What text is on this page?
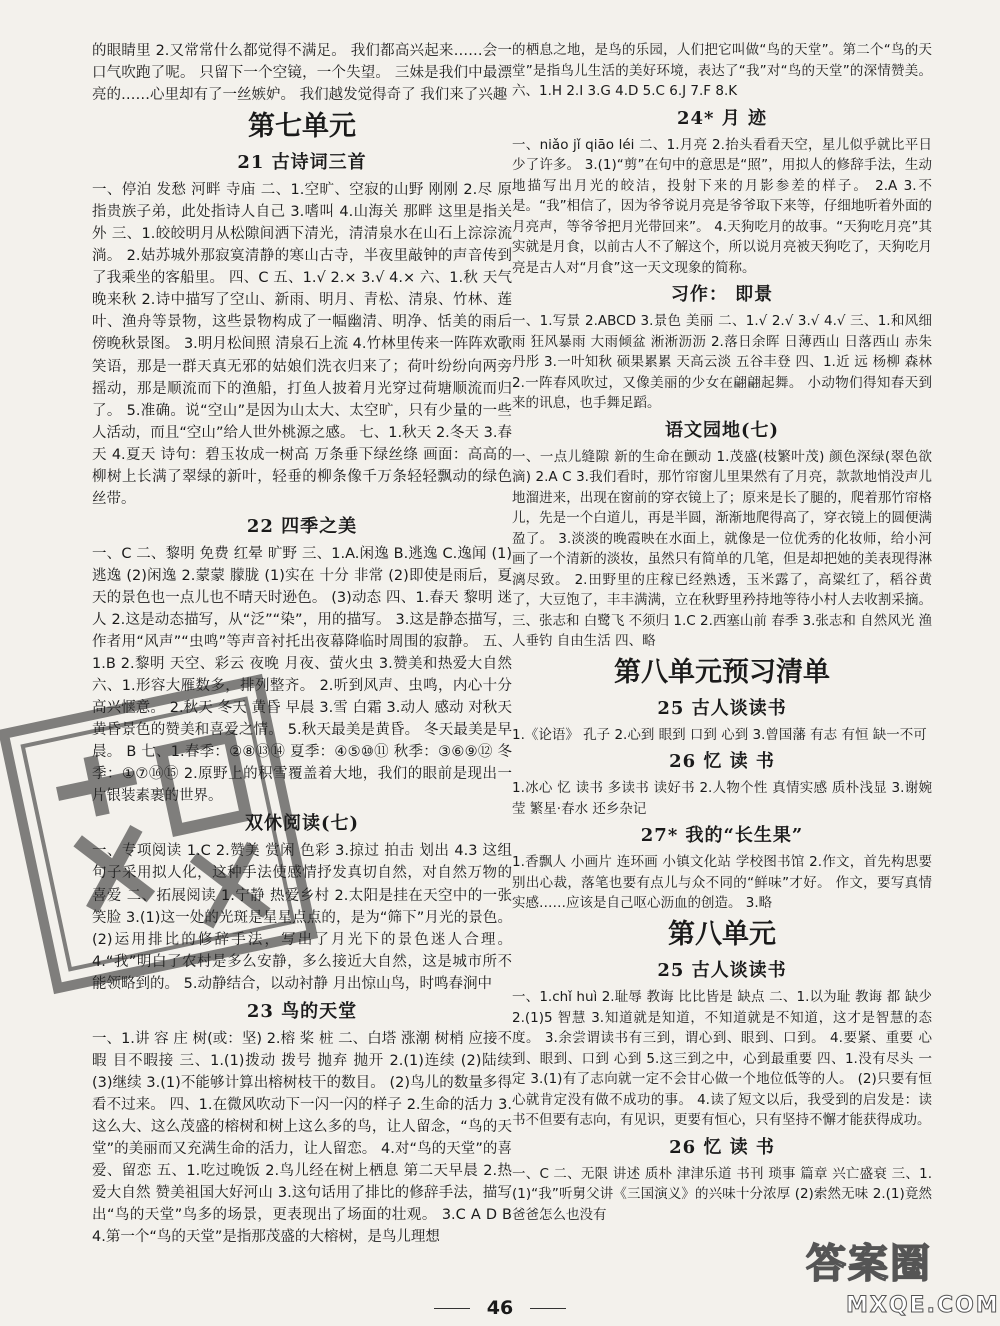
的眼睛里 2.又常常什么都觉得不满足。 我们都高兴起来……会一口气吹跑了呢。 只留下一个空镜，一个失望。 三妹是我们中最漂亮的……心里却有了一丝嫉妒。 我们越发觉得奇了 我们来了兴趣

第七单元
21 古诗词三首

一、停泊 发愁 河畔 寺庙 二、1.空旷、空寂的山野 刚刚 2.尽 原指贵族子弟，此处指诗人自己 3.嗜叫 4.山海关 那畔 这里是指关外 三、1.皎皎明月从松隙间洒下清光，清清泉水在山石上淙淙流淌。 2.姑苏城外那寂寞清静的寒山古寺，半夜里敲钟的声音传到了我乘坐的客船里。 四、C 五、1.√ 2.× 3.√ 4.× 六、1.秋 天气晚来秋 2.诗中描写了空山、新雨、明月、青松、清泉、竹林、莲叶、渔舟等景物，这些景物构成了一幅幽清、明净、恬美的雨后傍晚秋景图。 3.明月松间照 清泉石上流 4.竹林里传来一阵阵欢歌笑语，那是一群天真无邪的姑娘们洗衣归来了；荷叶纷纷向两旁摇动，那是顺流而下的渔船，打鱼人披着月光穿过荷塘顺流而归了。 5.准确。说“空山”是因为山太大、太空旷，只有少量的一些人活动，而且“空山”给人世外桃源之感。 七、1.秋天 2.冬天 3.春天 4.夏天 诗句：碧玉妆成一树高 万条垂下绿丝绦 画面：高高的柳树上长满了翠绿的新叶，轻垂的柳条像千万条轻轻飘动的绿色丝带。

22 四季之美

一、C 二、黎明 免费 红晕 旷野 三、1.A.闲逸 B.逃逸 C.逸闻 (1)逃逸 (2)闲逸 2.蒙蒙 朦胧 (1)实在 十分 非常 (2)即使是雨后，夏天的景色也一点儿也不晴天时逊色。 (3)动态 四、1.春天 黎明 迷人 2.这是动态描写，从“泛”“染”，用的描写。 3.这是静态描写，作者用“风声”“虫鸣”等声音衬托出夜幕降临时周围的寂静。 五、1.B 2.黎明 天空、彩云 夜晚 月夜、萤火虫 3.赞美和热爱大自然 六、1.形容大雁数多，排列整齐。 2.听到风声、虫鸣，内心十分高兴惬意。 2.秋天 冬天 黄昏 早晨 3.雪 白霜 3.动人 感动 对秋天黄昏景色的赞美和喜爱之情。 5.秋天最美是黄昏。 冬天最美是早晨。 B 七、1.春季：②⑧⑬⑭ 夏季：④⑤⑩⑪ 秋季：③⑥⑨⑫ 冬季：①⑦⑯⑮ 2.原野上的积雪覆盖着大地，我们的眼前是现出一片银装素裹的世界。

双休阅读(七)

一、专项阅读 1.C 2.赞美 赏闲 色彩 3.掠过 拍击 划出 4.3 这组句子采用拟人化，这种手法使感情抒发真切自然，对自然万物的喜爱 二、拓展阅读 1.宁静 热爱乡村 2.太阳是挂在天空中的一张笑脸 3.(1)这一处的光斑是星星点点的，是为“筛下”月光的景色。 (2)运用排比的修辞手法，写出了月光下的景色迷人合理。 4.“我”明白了农村是多么安静，多么接近大自然，这是城市所不能领略到的。 5.动静结合，以动衬静 月出惊山鸟，时鸣春涧中

23 鸟的天堂

一、1.讲 容 庄 树(或：坚) 2.榕 桨 桩 二、白塔 涨潮 树梢 应接不暇 目不暇接 三、1.(1)拨动 拨号 抛弃 抛开 2.(1)连续 (2)陆续 (3)继续 3.(1)不能够计算出榕树枝干的数目。 (2)鸟儿的数量多得看不过来。 四、1.在微风吹动下一闪一闪的样子 2.生命的活力 3.这么大、这么茂盛的榕树和树上这么多的鸟，让人留念，“鸟的天堂”的美丽而又充满生命的活力，让人留恋。 4.对“鸟的天堂”的喜爱、留恋 五、1.吃过晚饭 2.鸟儿经在树上栖息 第二天早晨 2.热爱大自然 赞美祖国大好河山 3.这句话用了排比的修辞手法，描写出“鸟的天堂”鸟多的场景，更表现出了场面的壮观。 3.C A D B 4.第一个“鸟的天堂”是指那茂盛的大榕树，是鸟儿理想

的栖息之地，是鸟的乐园，人们把它叫做“鸟的天堂”。第二个“鸟的天堂”是指鸟儿生活的美好环境，表达了“我”对“鸟的天堂”的深情赞美。 六、1.H 2.I 3.G 4.D 5.C 6.J 7.F 8.K

24* 月 迹

一、niǎo jǐ qiāo léi 二、1.月亮 2.抬头看看天空，星儿似乎就比平日少了许多。 3.(1)“剪”在句中的意思是“照”，用拟人的修辞手法，生动地描写出月光的皎洁，投射下来的月影参差的样子。 2.A 3.不是。“我”相信了，因为爷爷说月亮是爷爷取下来等，仔细地听着外面的月亮声，等爷爷把月光带回来”。 4.天狗吃月的故事。“天狗吃月亮”其实就是月食，以前古人不了解这个，所以说月亮被天狗吃了，天狗吃月亮是古人对“月食”这一天文现象的简称。

习作： 即景

一、1.写景 2.ABCD 3.景色 美丽 二、1.√ 2.√ 3.√ 4.√ 三、1.和风细雨 狂风暴雨 大雨倾盆 淅淅沥沥 2.落日余晖 日薄西山 日落西山 赤朱丹彤 3.一叶知秋 硕果累累 天高云淡 五谷丰登 四、1.近 远 杨柳 森林 2.一阵春风吹过，又像美丽的少女在翩翩起舞。 小动物们得知春天到来的讯息，也手舞足蹈。

语文园地(七)

一、一点儿缝隙 新的生命在颤动 1.茂盛(枝繁叶茂) 颜色深绿(翠色欲滴) 2.A C 3.我们看时，那竹帘窗儿里果然有了月亮，款款地悄没声儿地溜进来，出现在窗前的穿衣镜上了；原来是长了腿的，爬着那竹帘格儿，先是一个白道儿，再是半圆，渐渐地爬得高了，穿衣镜上的圆便满盈了。 3.淡淡的晚霞映在水面上，就像是一位优秀的化妆师，给小河画了一个清新的淡妆，虽然只有简单的几笔，但是却把她的美表现得淋漓尽致。 2.田野里的庄稼已经熟透，玉米露了，高粱红了，稻谷黄了，大豆饱了，丰丰满满，立在秋野里矜持地等待小村人去收割采摘。 三、张志和 白鹭飞 不须归 1.C 2.西塞山前 春季 3.张志和 自然风光 渔人垂钓 自由生活 四、略

第八单元预习清单
25 古人谈读书

1.《论语》 孔子 2.心到 眼到 口到 心到 3.曾国藩 有志 有恒 缺一不可

26 忆 读 书

1.冰心 忆 读书 多读书 读好书 2.人物个性 真情实感 质朴浅显 3.谢婉莹 繁星·春水 还乡杂记

27* 我的“长生果”

1.香飘人 小画片 连环画 小镇文化站 学校图书馆 2.作文，首先构思要别出心裁，落笔也要有点儿与众不同的“鲜味”才好。 作文，要写真情实感……应该是自己呕心沥血的创造。 3.略

第八单元
25 古人谈读书

一、1.chǐ huì 2.耻辱 教诲 比比皆是 缺点 二、1.以为耻 教诲 都 缺少 2.(1)5 智慧 3.知道就是知道，不知道就是不知道，这才是智慧的态度。 3.余尝谓读书有三到，谓心到、眼到、口到。 4.要紧、重要 心到、眼到、口到 心到 5.这三到之中，心到最重要 四、1.没有尽头 一定 3.(1)有了志向就一定不会甘心做一个地位低等的人。 (2)只要有恒心就肯定没有做不成功的事。 4.读了短文以后，我受到的启发是：读书不但要有志向，有见识，更要有恒心，只有坚持不懈才能获得成功。

26 忆 读 书

一、C 二、无限 讲述 质朴 津津乐道 书刊 琐事 篇章 兴亡盛衰 三、1.(1)“我”听舅父讲《三国演义》的兴味十分浓厚 (2)索然无味 2.(1)竟然 爸爸怎么也没有

46
答案圈
MXQE.COM
